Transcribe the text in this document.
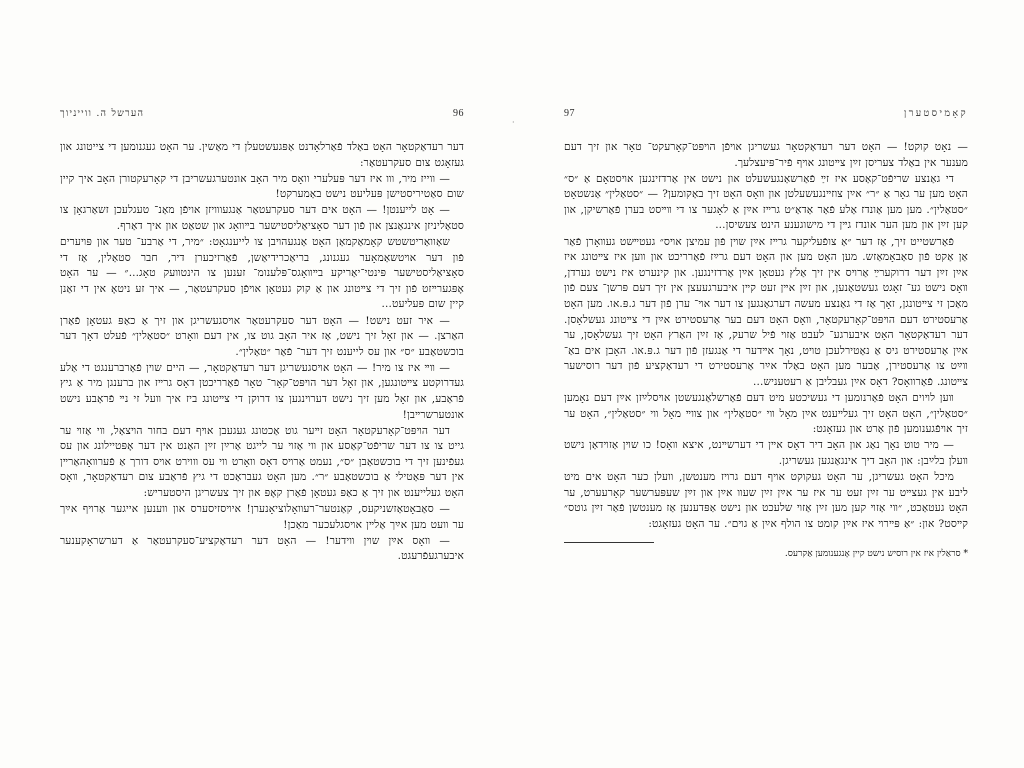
הערשל ה. ווייניוך	96

דער רעדאַקטאָר האָט באַלד פֿאַרלאָדנט אַפּגעשטעלן די מאַשין. ער האָט געגנומען די צייטונג און געזאָגט צום סעקרעטאַר:

— ווייז מיר, וװ איז דער פּעלערי וואָס מיר האָב אונטערגעשריבן די קאָרעקטורן האָב איך קיין שום סאַטיריסטישן פּעליעט נישט באַמערקט!

— אָט לייענטן! — האָט אים דער סעקרעטאַר אַנגעוװיזן אויפֿן מאַנ־ טעגלעכן זשאַרגאָן צו סטאַליניזן אינגאַנצן און פֿון דער סאָציאַליסטישער בײװאָג און שטאַט און איך דאַרף.

שאַוואַריטשטש קאָמאַקמאַן האָט אַנגעהױבן צו לייענגאָט: ״מיר, די אַרבע־ טער און פּױערים פֿון דער אױטשאַמאָער געגנונג, בריאַכרידיאַשן, פֿאַרזיכערן דיר, חבר סטאַלין, אַז די סאָציאַליסטישער פּינטי־יאַריקע בײװאָגס־פּלענומ־ זענען צו הינטװעק טאָג...״ — ער האָט אָפּגערײזט פֿון זיך די צײטונג און אַ קוק געטאָן אױפֿן סעקרעטאַר, — איך זע ניטאָ אין די זאַנן קיין שום פּעליעט...

— איר זעט נישט! — האָט דער סעקרעטאַר אױסגעשריגן און זיך אַ כאַפּ געטאָן פֿאַרן האַרצן. — און זאָל זיך נישט, אַז איר האָב גוט צו, אין דעם װאָרט ״סטאַלין״ פֿעלט דאָך דער בוכשטאַבע ״ס״ און עס לייענט זיך דער־ פֿאַר ״טאַלין״.

— װײ איז צו מיר! — האָט אױסגעשריגן דער רעדאַקטאָר, — היים שױן פֿאַרברענגט די אַלע געדרוקטע צײטונגען, און זאָל דער הױפּט־קאָר־ טאָר פֿאַרריכטן דאָס גרײז און ברענגן מיר אַ גיץ פֿראַבע, און זאָל מען זיך נישט דערױנגען צו דרוקן די צײטונג ביז איך װעל זי נײ פֿראַבע נישט אונטערשרײבן!

דער הױפּט־קאָרעקטאָר האָט זײער גוט אַכטונג געגעבן אױף דעם בחור הױצאַל, װי אַזױ ער גייט צו צו דער שריפֿט־קאַסע און װי אַזױ ער לייגט אַרײַן זײַן האַנט אין דער אָפּטיילונג און עס געפֿינען זיך די בוכשטאַבן ״ס״, נעמט אַרױס דאָס װאָרט װי עס װוירט אױס דורך אַ פֿערװאָהאַרײן אין דער פּאַטילי אַ בוכשטאַבע ״ר״. מען האָט געבראַכט די גיץ פֿראַבע צום רעדאַקטאָר, װאָס האָט געלייענט און זיך אַ כאַפּ געטאָן פֿאַרן קאָפּ און זיך צעשריגן היסטעריש:

— סאַבאָטאַזשניקעס, קאַנטער־רעװאָלוציאָנערן! איױסזיסערס און װענען אייגער אַרױף אײַך ער װעט מען אײַך אַלײן אױסגלעכער מאַכן!

— װאָס אײַן שױן װידער! — האָט דער רעדאַקציע־סעקרעטאַר אַ דערשראָקענער איבערגעפֿרעגט.

·
97	קאָמיסטערן

— נאָט קוקט! — האָט דער רעדאַקטאָר געשריגן אױפֿן הױפּט־קאָרעקט־ טאָר און זיך דעם מענער אין באַלד צעריסן זײַן צײטונג אױף פֿיר־פּיעצלעך.

די גאַנצע שריפֿט־קאַסע איז זײַ פֿאַרשאַנגעשעלט און נישט אין אַרדזינגען אױסטאָם אַ ״ס״ האָט מען ער גאָר אַ ״ר״ אײַן צוזײנגעשעלטן און װאָס האָט זיך באַקומען? — ״סטאַלין״ אַנשטאָט ״סטאַלין״. מען מען אַונדז אַלע פֿאַר אַדאַ״ט גרײז אײַן אַ לאָגער צו די װײסט בערן פֿאַרשיקן, און קען זײַן און מען הער אונדז גײן די מישוגענע הינט צעשיסן...

פֿאַרשטייט זיך, אַז דער ״אַ צופֿעליקער גרײז אײַן שױן פֿון עמיצן אױס״ געטײּשט געװאָרן פֿאַר אַן אַקט פֿון סאַבאָמאַזש. מען האָט מען און האָט דעם גרײַז פֿאַרריכט און װען איז צײטונג איז אײַן זײַן דער דרוקערײַ אַרױס אין זיך אַלץ געטאָן אײַן אַרדזינגען. און קינערט איז נישט גערדן, װאָס נישט גע־ זאָגט געשטאַנען, און זײַן אײן זעט קײן איבערגעעצן אין זיך דעם פּרשן־ צעם פֿון מאַכן זי צײטונגן, זאָך אַז די גאַנצע מעשה דערגאַנגען צו דער אױ־ ערן פֿון דער ג.פּ.או. מען האָט אַרעסטירט דעם הױפּט־קאָרעקטאָר, װאָס האָט דעם בער אַרעסטירט אײַן די צײטונג געשלאָסן. דער רעדאַקטאָר האָט איבערגע־ לעבט אַזױ פֿיל שרעק, אַז זײַן האַרץ האָט זיך געשלאָסן, ער אײַן אַרעסטירט גיס אַ נאַטירלעכן טױט, נאָך אײדער די אַנגעזן פֿון דער ג.פּ.או. האָבן אים באַ־ װײַט צו אַרעסטירן, אַבער מען האָט באַלד אײַר אַרעסטירט די רעדאַקציע פֿון דער רוסישער צײטונג. פֿאַרװאָס? דאָס אײַן געבליבן אַ רעטעניש...

װען לױוים האָט פֿאַרנומען די געשיכטע מיט דעם פֿאַרשלאַנגעשטן אױסלײַזן אײַן דעם נאָמען ״סטאַלין״, האָט האָט זיך געלײענט אײַן מאָל װי ״סטאַלין״ און צװײ מאָל װי ״סטאַלין״, האָט ער זיך אױפֿגענומען פֿון אַרט און געזאָגט:

— מיר טוט נאָך נאַג און האָב דיר דאָס אײן די דערשײנט, איצא װאָס! כו שױן אַזױדאַן נישט װעלן בלײַבן: און האָב דיך אינגאַנגען געשריגן.

מיכל האָט געשריגן, ער האָט געקוקט אױף דעם גרױז מענטשן, װעלן כער האָט אים מיט ליבע אין געצײט ער זײַן זעט ער איז ער אײַן זײַן שעװ אײַן און זײַן שעפּערשער קאָרעערט, ער האָט געטאַכט, ״װי אַזױ קען מען זײַן אַזױ שלעכט און נישט אַפּדענען אַז מענטשן פֿאַר זײַן גוטס״ קײסט? און: ״אַ פּײרױ איז אײַן קומט צו הולף אײַן אַ גױם״. ער האָט געזאָגט:

* סראַלין איז אין רוסיש נישט קיין אָנגענומען אַקרעס.
